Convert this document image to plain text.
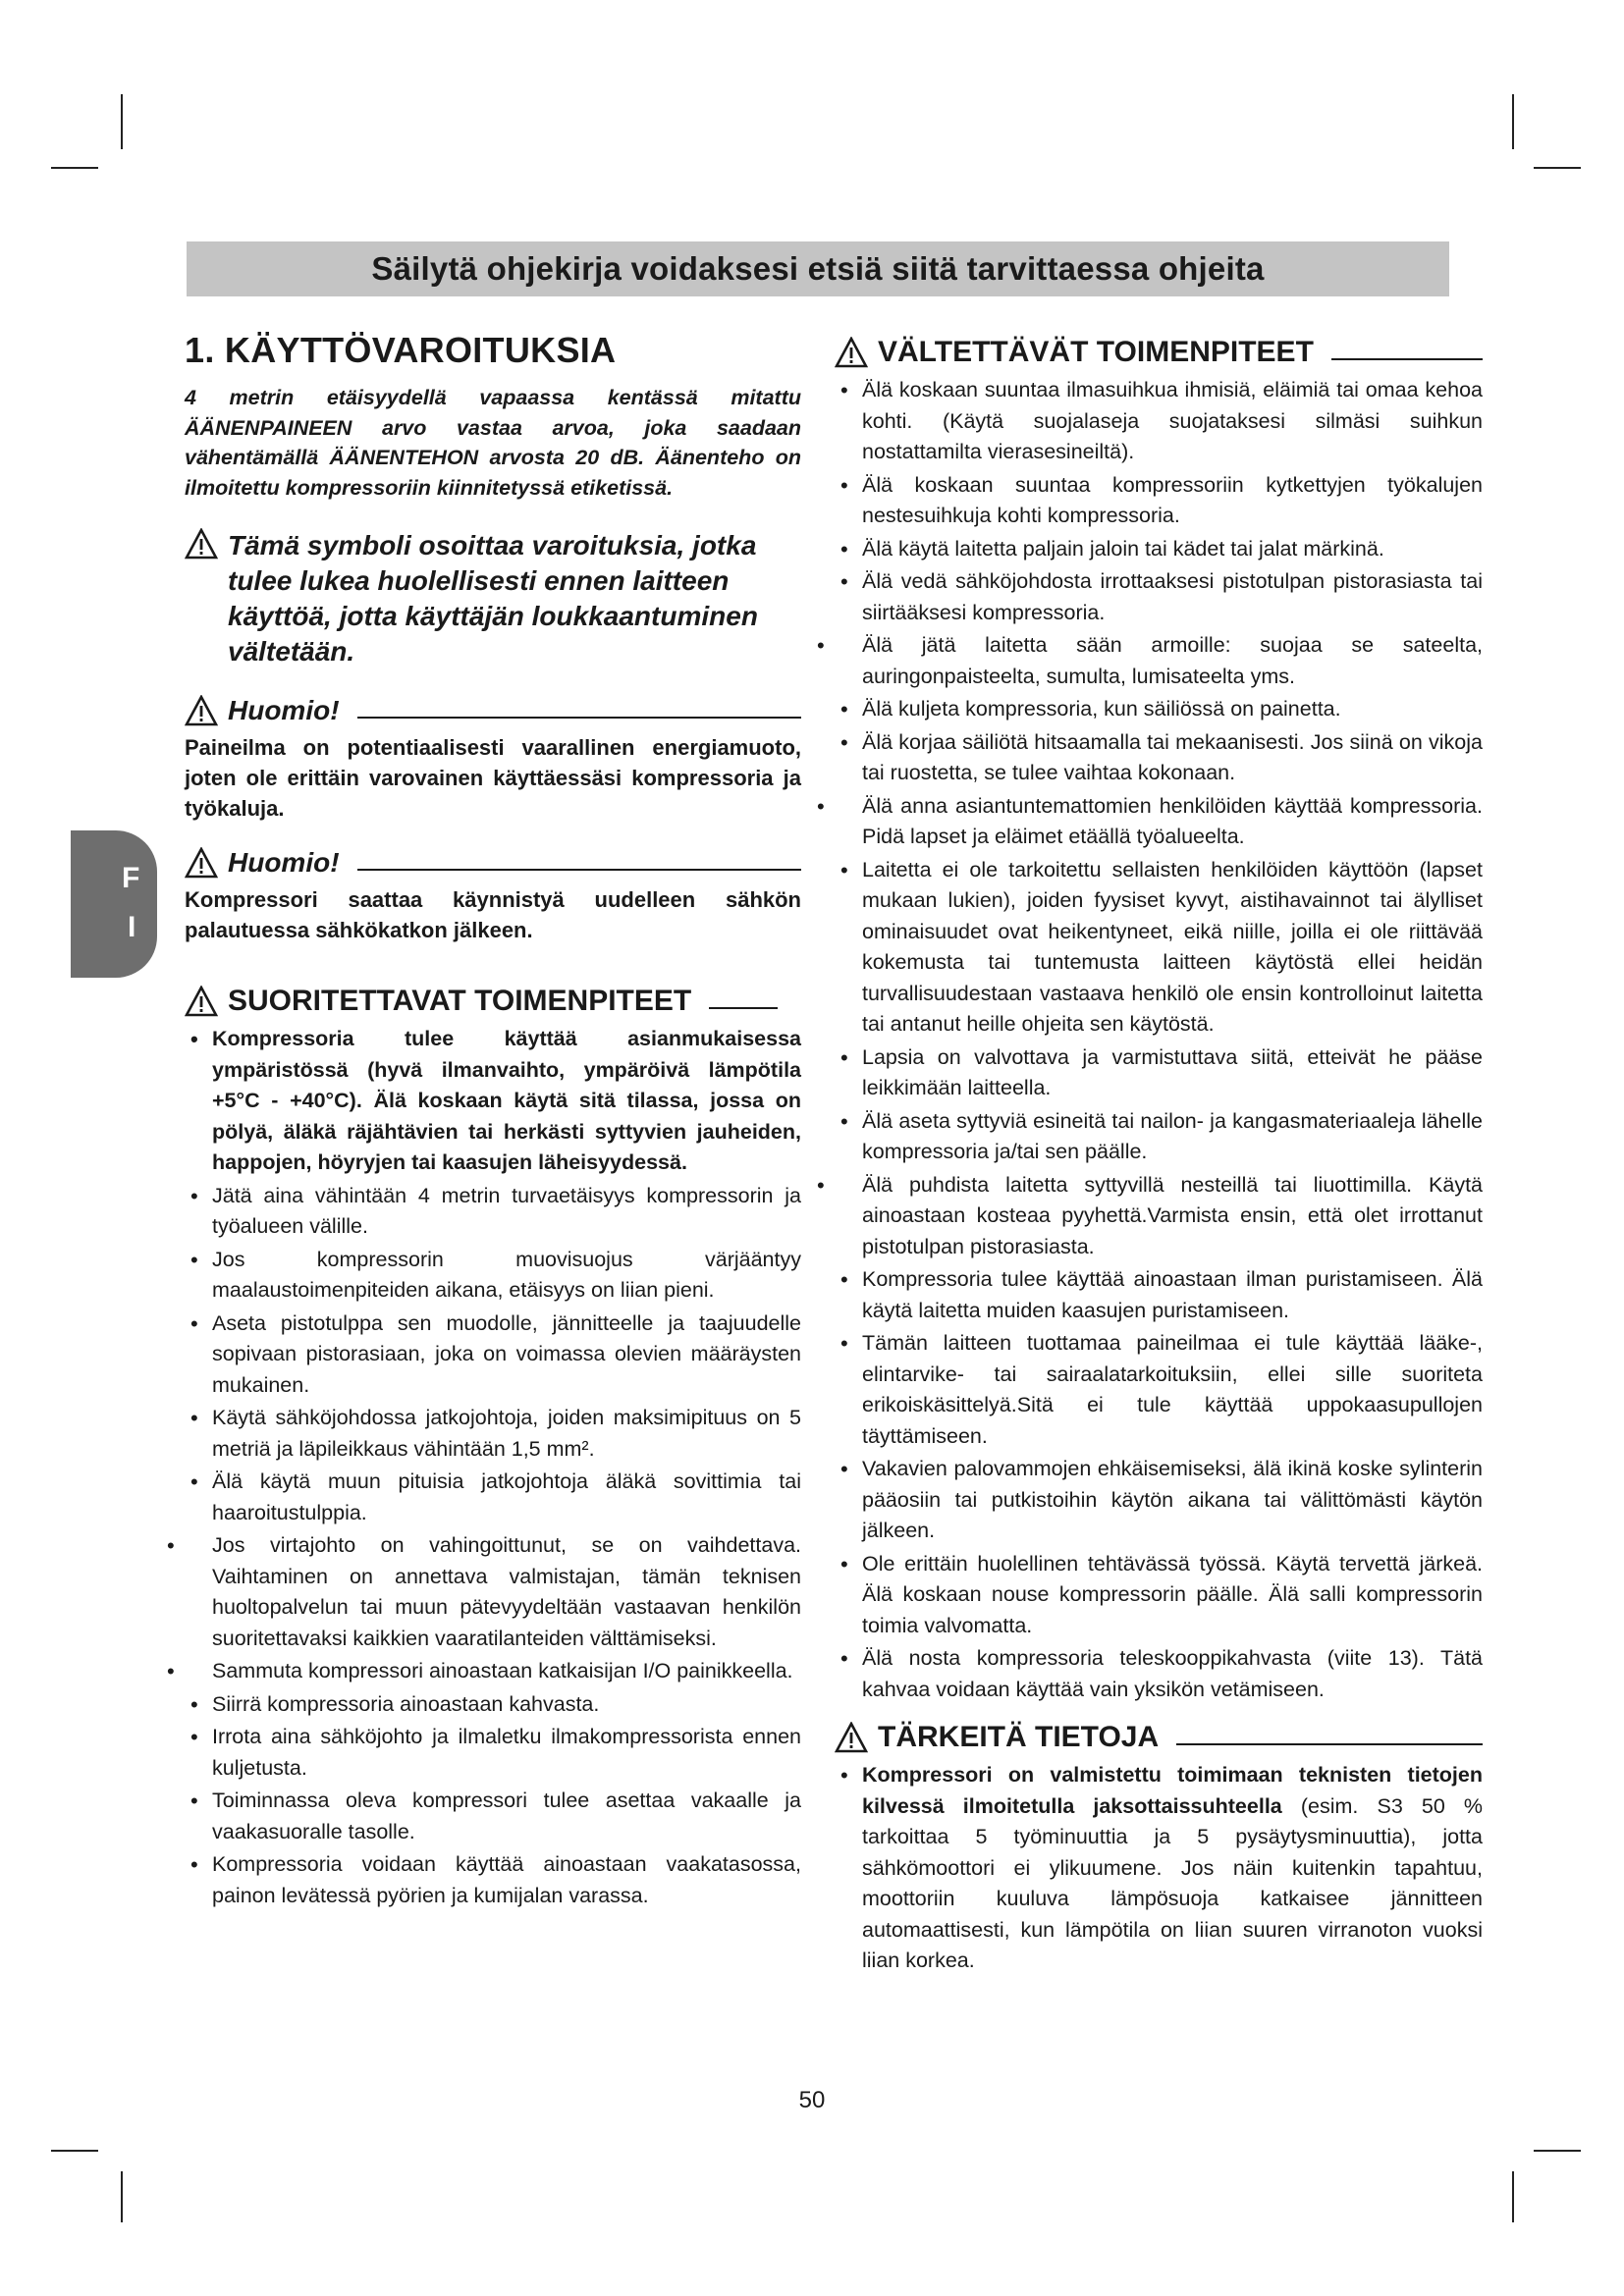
Säilytä ohjekirja voidaksesi etsiä siitä tarvittaessa ohjeita
F
I
1. KÄYTTÖVAROITUKSIA

4 metrin etäisyydellä vapaassa kentässä mitattu ÄÄNENPAINEEN arvo vastaa arvoa, joka saadaan vähentämällä ÄÄNENTEHON arvosta 20 dB. Äänenteho on ilmoitettu kompressoriin kiinnitetyssä etiketissä.

Tämä symboli osoittaa varoituksia, jotka tulee lukea huolellisesti ennen laitteen käyttöä, jotta käyttäjän loukkaantuminen vältetään.
Huomio!

Paineilma on potentiaalisesti vaarallinen energiamuoto, joten ole erittäin varovainen käyttäessäsi kompressoria ja työkaluja.

Huomio!

Kompressori saattaa käynnistyä uudelleen sähkön palautuessa sähkökatkon jälkeen.

SUORITETTAVAT TOIMENPITEET
• Kompressoria tulee käyttää asianmukaisessa ympäristössä (hyvä ilmanvaihto, ympäröivä lämpötila +5°C - +40°C). Älä koskaan käytä sitä tilassa, jossa on pölyä, äläkä räjähtävien tai herkästi syttyvien jauheiden, happojen, höyryjen tai kaasujen läheisyydessä.
• Jätä aina vähintään 4 metrin turvaetäisyys kompressorin ja työalueen välille.
• Jos kompressorin muovisuojus värjääntyy maalaustoimenpiteiden aikana, etäisyys on liian pieni.
• Aseta pistotulppa sen muodolle, jännitteelle ja taajuudelle sopivaan pistorasiaan, joka on voimassa olevien määräysten mukainen.
• Käytä sähköjohdossa jatkojohtoja, joiden maksimipituus on 5 metriä ja läpileikkaus vähintään 1,5 mm².
• Älä käytä muun pituisia jatkojohtoja äläkä sovittimia tai haaroitustulppia.
• Jos virtajohto on vahingoittunut, se on vaihdettava. Vaihtaminen on annettava valmistajan, tämän teknisen huoltopalvelun tai muun pätevyydeltään vastaavan henkilön suoritettavaksi kaikkien vaaratilanteiden välttämiseksi.
• Sammuta kompressori ainoastaan katkaisijan I/O painikkeella.
• Siirrä kompressoria ainoastaan kahvasta.
• Irrota aina sähköjohto ja ilmaletku ilmakompressorista ennen kuljetusta.
• Toiminnassa oleva kompressori tulee asettaa vakaalle ja vaakasuoralle tasolle.
• Kompressoria voidaan käyttää ainoastaan vaakatasossa, painon levätessä pyörien ja kumijalan varassa.
VÄLTETTÄVÄT TOIMENPITEET
• Älä koskaan suuntaa ilmasuihkua ihmisiä, eläimiä tai omaa kehoa kohti. (Käytä suojalaseja suojataksesi silmäsi suihkun nostattamilta vierasesineiltä).
• Älä koskaan suuntaa kompressoriin kytkettyjen työkalujen nestesuihkuja kohti kompressoria.
• Älä käytä laitetta paljain jaloin tai kädet tai jalat märkinä.
• Älä vedä sähköjohdosta irrottaaksesi pistotulpan pistorasiasta tai siirtääksesi kompressoria.
• Älä jätä laitetta sään armoille: suojaa se sateelta, auringonpaisteelta, sumulta, lumisateelta yms.
• Älä kuljeta kompressoria, kun säiliössä on painetta.
• Älä korjaa säiliötä hitsaamalla tai mekaanisesti. Jos siinä on vikoja tai ruostetta, se tulee vaihtaa kokonaan.
• Älä anna asiantuntemattomien henkilöiden käyttää kompressoria. Pidä lapset ja eläimet etäällä työalueelta.
• Laitetta ei ole tarkoitettu sellaisten henkilöiden käyttöön (lapset mukaan lukien), joiden fyysiset kyvyt, aistihavainnot tai älylliset ominaisuudet ovat heikentyneet, eikä niille, joilla ei ole riittävää kokemusta tai tuntemusta laitteen käytöstä ellei heidän turvallisuudestaan vastaava henkilö ole ensin kontrolloinut laitetta tai antanut heille ohjeita sen käytöstä.
• Lapsia on valvottava ja varmistuttava siitä, etteivät he pääse leikkimään laitteella.
• Älä aseta syttyviä esineitä tai nailon- ja kangasmateriaaleja lähelle kompressoria ja/tai sen päälle.
• Älä puhdista laitetta syttyvillä nesteillä tai liuottimilla. Käytä ainoastaan kosteaa pyyhettä.Varmista ensin, että olet irrottanut pistotulpan pistorasiasta.
• Kompressoria tulee käyttää ainoastaan ilman puristamiseen. Älä käytä laitetta muiden kaasujen puristamiseen.
• Tämän laitteen tuottamaa paineilmaa ei tule käyttää lääke-, elintarvike- tai sairaalatarkoituksiin, ellei sille suoriteta erikoiskäsittelyä.Sitä ei tule käyttää uppokaasupullojen täyttämiseen.
• Vakavien palovammojen ehkäisemiseksi, älä ikinä koske sylinterin pääosiin tai putkistoihin käytön aikana tai välittömästi käytön jälkeen.
• Ole erittäin huolellinen tehtävässä työssä. Käytä tervettä järkeä. Älä koskaan nouse kompressorin päälle. Älä salli kompressorin toimia valvomatta.
• Älä nosta kompressoria teleskooppikahvasta (viite 13). Tätä kahvaa voidaan käyttää vain yksikön vetämiseen.
TÄRKEITÄ TIETOJA
• Kompressori on valmistettu toimimaan teknisten tietojen kilvessä ilmoitetulla jaksottaissuhteella (esim. S3 50 % tarkoittaa 5 työminuuttia ja 5 pysäytysminuuttia), jotta sähkömoottori ei ylikuumene. Jos näin kuitenkin tapahtuu, moottoriin kuuluva lämpösuoja katkaisee jännitteen automaattisesti, kun lämpötila on liian suuren virranoton vuoksi liian korkea.
50
